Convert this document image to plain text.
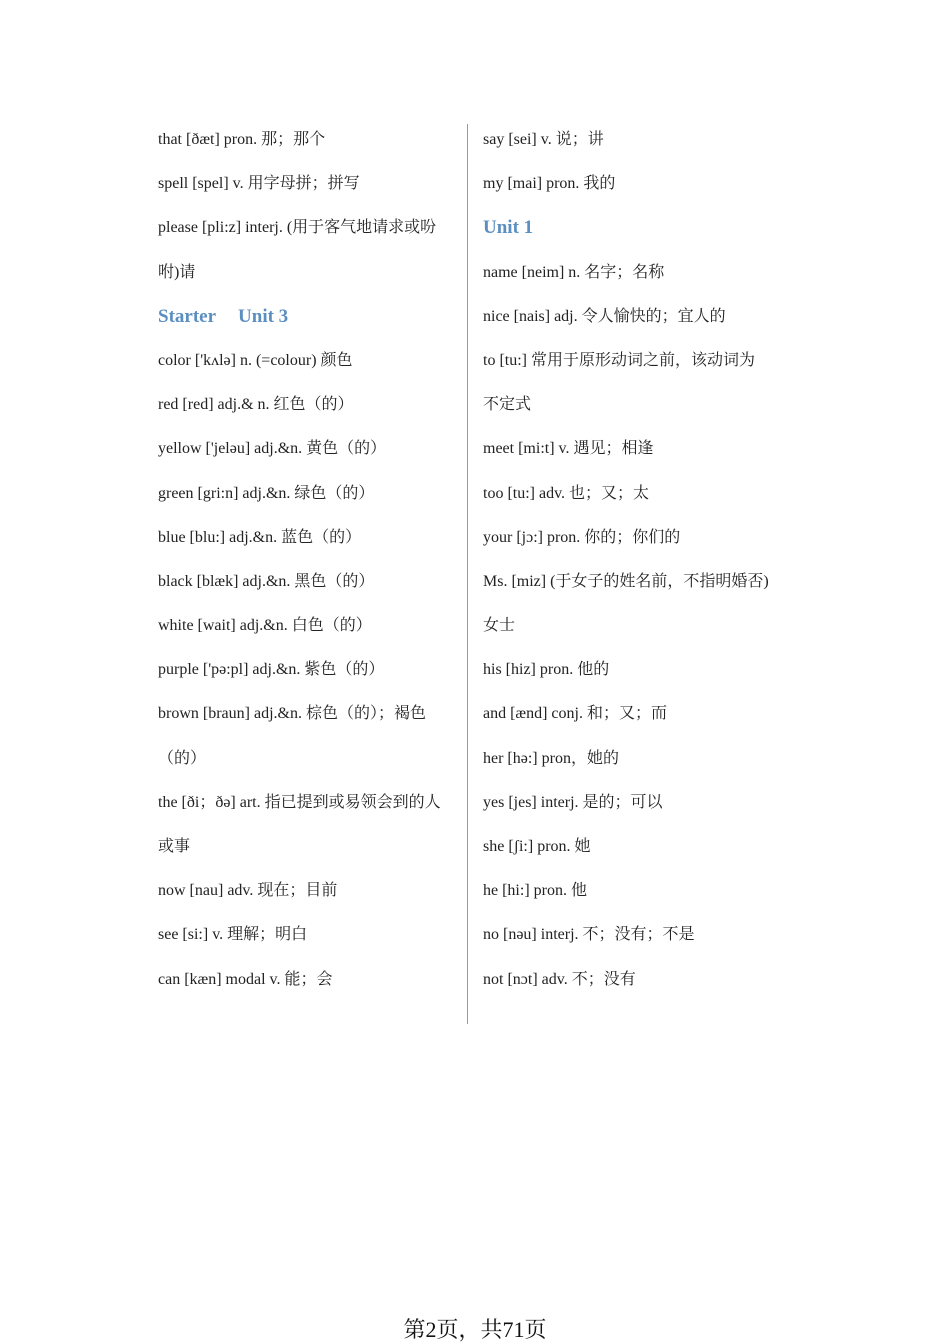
that [ðæt] pron. 那；那个
spell [spel] v. 用字母拼；拼写
please [pli:z] interj. (用于客气地请求或吩
咐)请
Starter Unit 3
color ['kʌlə] n. (=colour) 颜色
red [red] adj.& n. 红色（的）
yellow ['jeləu] adj.&n. 黄色（的）
green [gri:n] adj.&n. 绿色（的）
blue [blu:] adj.&n. 蓝色（的）
black [blæk] adj.&n. 黑色（的）
white [wait] adj.&n. 白色（的）
purple ['pə:pl] adj.&n. 紫色（的）
brown [braun] adj.&n. 棕色（的）；褐色
（的）
the [ði；ðə] art. 指已提到或易领会到的人
或事
now [nau] adv. 现在；目前
see [si:] v. 理解；明白
can [kæn] modal v. 能；会
say [sei] v. 说；讲
my [mai] pron. 我的
Unit 1
name [neim] n. 名字；名称
nice [nais] adj. 令人愉快的；宜人的
to [tu:] 常用于原形动词之前，该动词为
不定式
meet [mi:t] v. 遇见；相逢
too [tu:] adv. 也；又；太
your [jɔ:] pron. 你的；你们的
Ms. [miz] (于女子的姓名前，不指明婚否)
女士
his [hiz] pron. 他的
and [ænd] conj. 和；又；而
her [hə:] pron，她的
yes [jes] interj. 是的；可以
she [ʃi:] pron. 她
he [hi:] pron. 他
no [nəu] interj. 不；没有；不是
not [nɔt] adv. 不；没有
第2页，共71页
